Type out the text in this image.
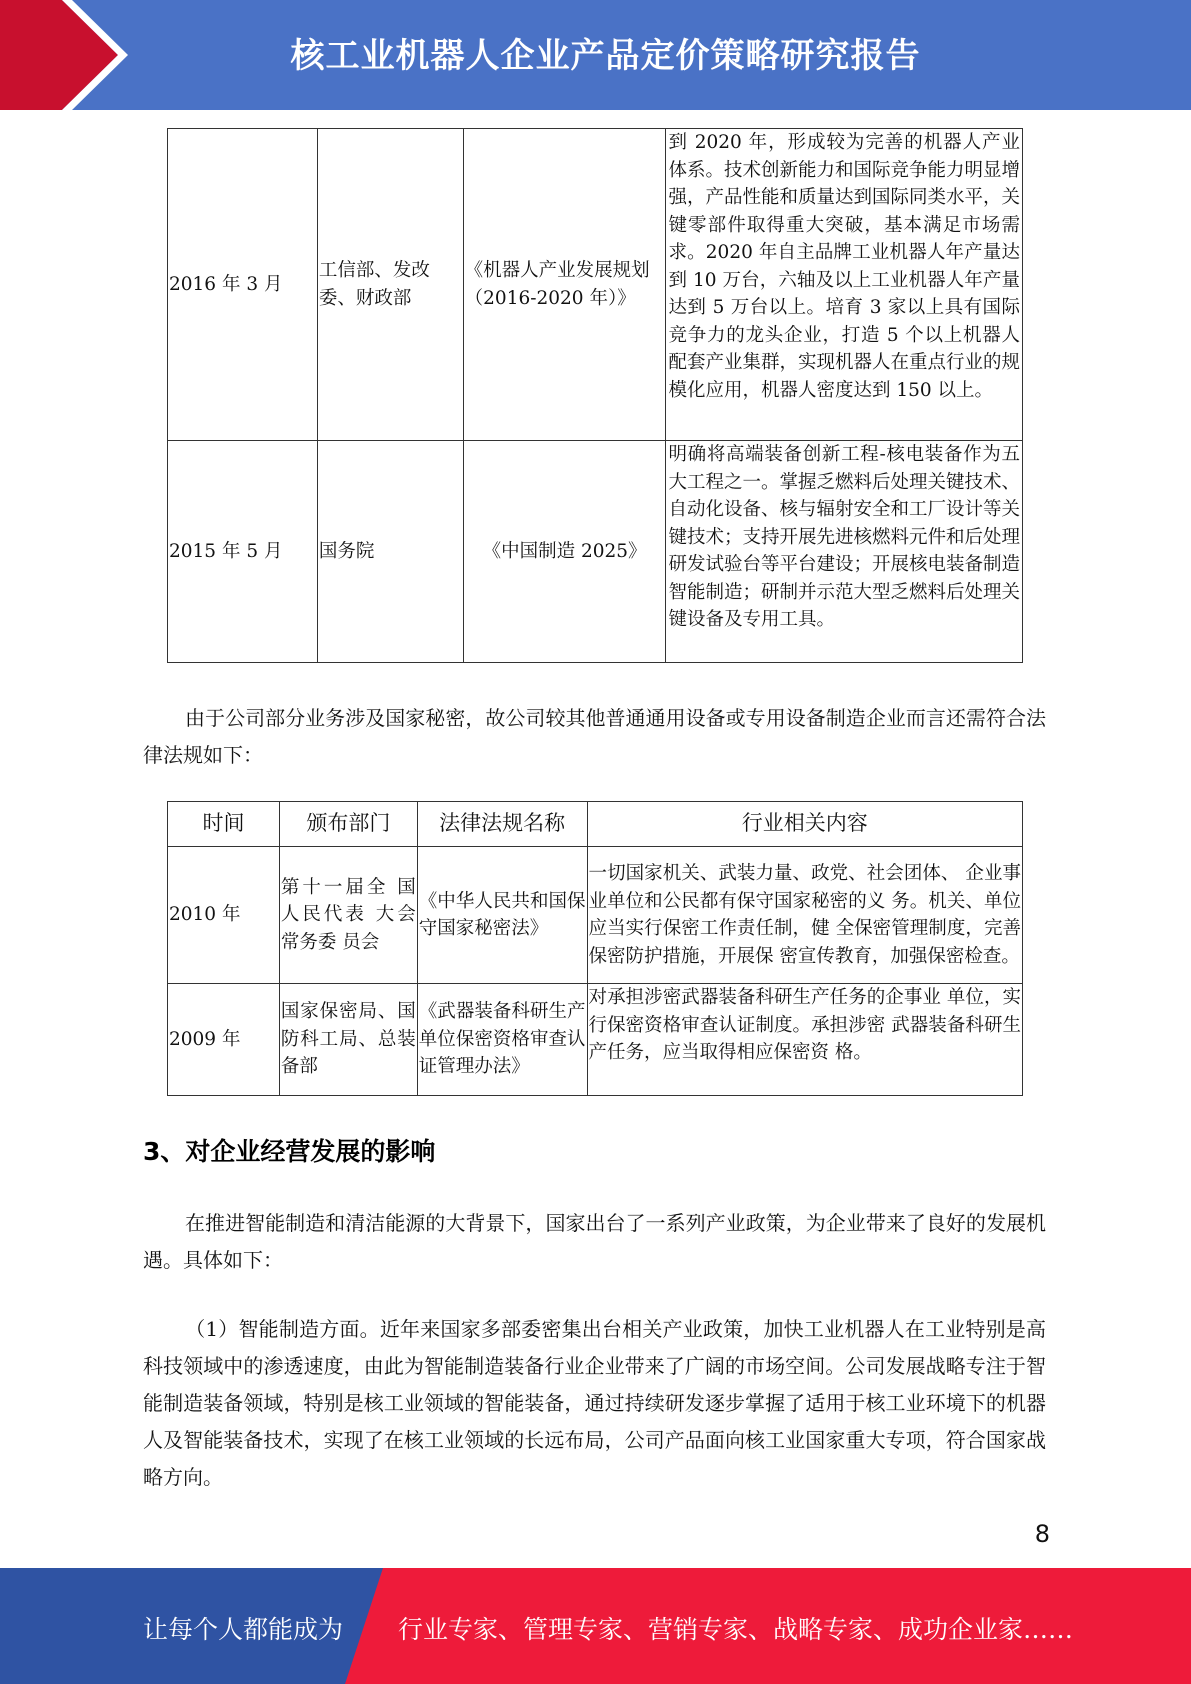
核工业机器人企业产品定价策略研究报告
2016 年 3 月	工信部、发改委、财政部	《机器人产业发展规划（2016-2020 年）》	到 2020 年，形成较为完善的机器人产业体系。技术创新能力和国际竞争能力明显增强，产品性能和质量达到国际同类水平，关键零部件取得重大突破，基本满足市场需求。2020 年自主品牌工业机器人年产量达到 10 万台，六轴及以上工业机器人年产量达到 5 万台以上。培育 3 家以上具有国际竞争力的龙头企业，打造 5 个以上机器人配套产业集群，实现机器人在重点行业的规模化应用，机器人密度达到 150 以上。
2015 年 5 月	国务院	《中国制造 2025》	明确将高端装备创新工程-核电装备作为五大工程之一。掌握乏燃料后处理关键技术、自动化设备、核与辐射安全和工厂设计等关键技术；支持开展先进核燃料元件和后处理研发试验台等平台建设；开展核电装备制造智能制造；研制并示范大型乏燃料后处理关键设备及专用工具。

由于公司部分业务涉及国家秘密，故公司较其他普通通用设备或专用设备制造企业而言还需符合法律法规如下：

时间	颁布部门	法律法规名称	行业相关内容
2010 年	第十一届全 国人民代表 大会常务委 员会	《中华人民共和国保守国家秘密法》	一切国家机关、武装力量、政党、社会团体、 企业事业单位和公民都有保守国家秘密的义 务。机关、单位应当实行保密工作责任制，健 全保密管理制度，完善保密防护措施，开展保 密宣传教育，加强保密检查。
2009 年	国家保密局、国防科工局、总装备部	《武器装备科研生产单位保密资格审查认证管理办法》	对承担涉密武器装备科研生产任务的企事业 单位，实行保密资格审查认证制度。承担涉密 武器装备科研生产任务，应当取得相应保密资 格。
3、对企业经营发展的影响

在推进智能制造和清洁能源的大背景下，国家出台了一系列产业政策，为企业带来了良好的发展机遇。具体如下：

（1）智能制造方面。近年来国家多部委密集出台相关产业政策，加快工业机器人在工业特别是高科技领域中的渗透速度，由此为智能制造装备行业企业带来了广阔的市场空间。公司发展战略专注于智能制造装备领域，特别是核工业领域的智能装备，通过持续研发逐步掌握了适用于核工业环境下的机器人及智能装备技术，实现了在核工业领域的长远布局，公司产品面向核工业国家重大专项，符合国家战略方向。

8
让每个人都能成为 行业专家、管理专家、营销专家、战略专家、成功企业家……
